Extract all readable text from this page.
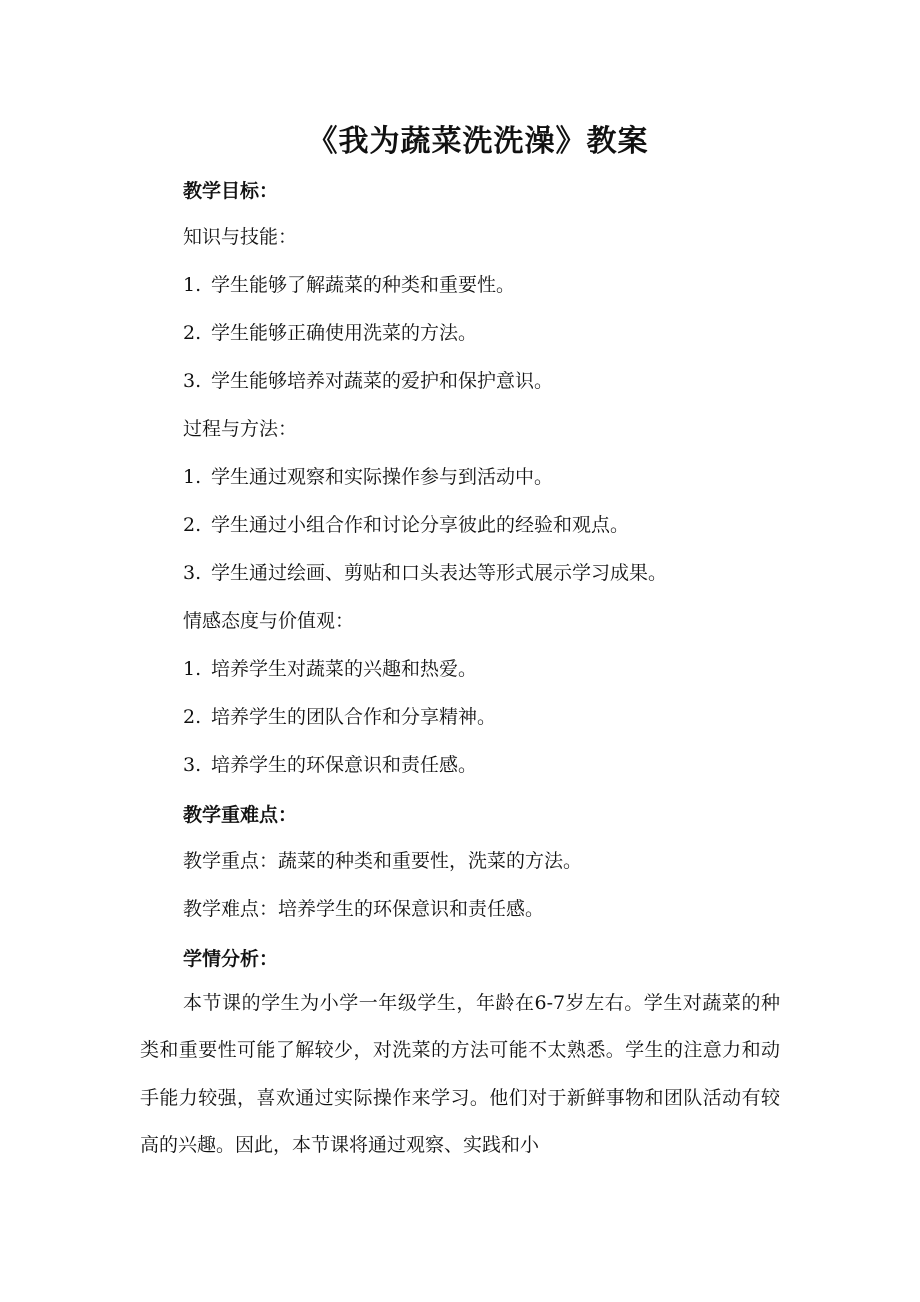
《我为蔬菜洗洗澡》教案
教学目标：
知识与技能：
1. 学生能够了解蔬菜的种类和重要性。
2. 学生能够正确使用洗菜的方法。
3. 学生能够培养对蔬菜的爱护和保护意识。
过程与方法：
1. 学生通过观察和实际操作参与到活动中。
2. 学生通过小组合作和讨论分享彼此的经验和观点。
3. 学生通过绘画、剪贴和口头表达等形式展示学习成果。
情感态度与价值观：
1. 培养学生对蔬菜的兴趣和热爱。
2. 培养学生的团队合作和分享精神。
3. 培养学生的环保意识和责任感。
教学重难点：
教学重点：蔬菜的种类和重要性，洗菜的方法。
教学难点：培养学生的环保意识和责任感。
学情分析：
本节课的学生为小学一年级学生，年龄在6-7岁左右。学生对蔬菜的种类和重要性可能了解较少，对洗菜的方法可能不太熟悉。学生的注意力和动手能力较强，喜欢通过实际操作来学习。他们对于新鲜事物和团队活动有较高的兴趣。因此，本节课将通过观察、实践和小
